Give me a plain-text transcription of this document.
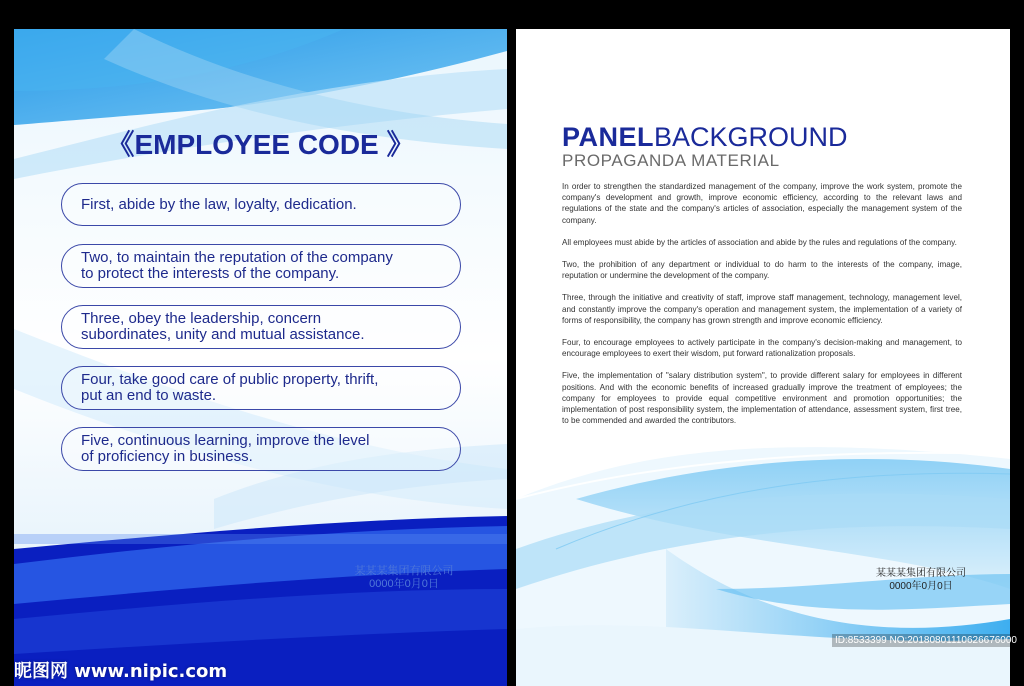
《EMPLOYEE CODE 》
First, abide by the law, loyalty, dedication.
Two, to maintain the reputation of the company
to protect the interests of the company.
Three, obey the leadership, concern
subordinates, unity and mutual assistance.
Four, take good care of public property, thrift,
put an end to waste.
Five, continuous learning, improve the level
of proficiency in business.
某某某集团有限公司
0000年0月0日
昵图网 www.nipic.com
PANELBACKGROUND
PROPAGANDA MATERIAL

In order to strengthen the standardized management of the company, improve the work system, promote the company's development and growth, improve economic efficiency, according to the relevant laws and regulations of the state and the company's articles of association, especially the management system of the company.

All employees must abide by the articles of association and abide by the rules and regulations of the company.

Two, the prohibition of any department or individual to do harm to the interests of the company, image, reputation or undermine the development of the company.

Three, through the initiative and creativity of staff, improve staff management, technology, management level, and constantly improve the company's operation and management system, the implementation of a variety of forms of responsibility, the company has grown strength and improve economic efficiency.

Four, to encourage employees to actively participate in the company's decision-making and management, to encourage employees to exert their wisdom, put forward rationalization proposals.

Five, the implementation of "salary distribution system", to provide different salary for employees in different positions. And with the economic benefits of increased gradually improve the treatment of employees; the company for employees to provide equal competitive environment and promotion opportunities; the implementation of post responsibility system, the implementation of attendance, assessment system, first tree, to be commended and awarded the contributors.

某某某集团有限公司
0000年0月0日
ID:8533399 NO:20180801110626676000
